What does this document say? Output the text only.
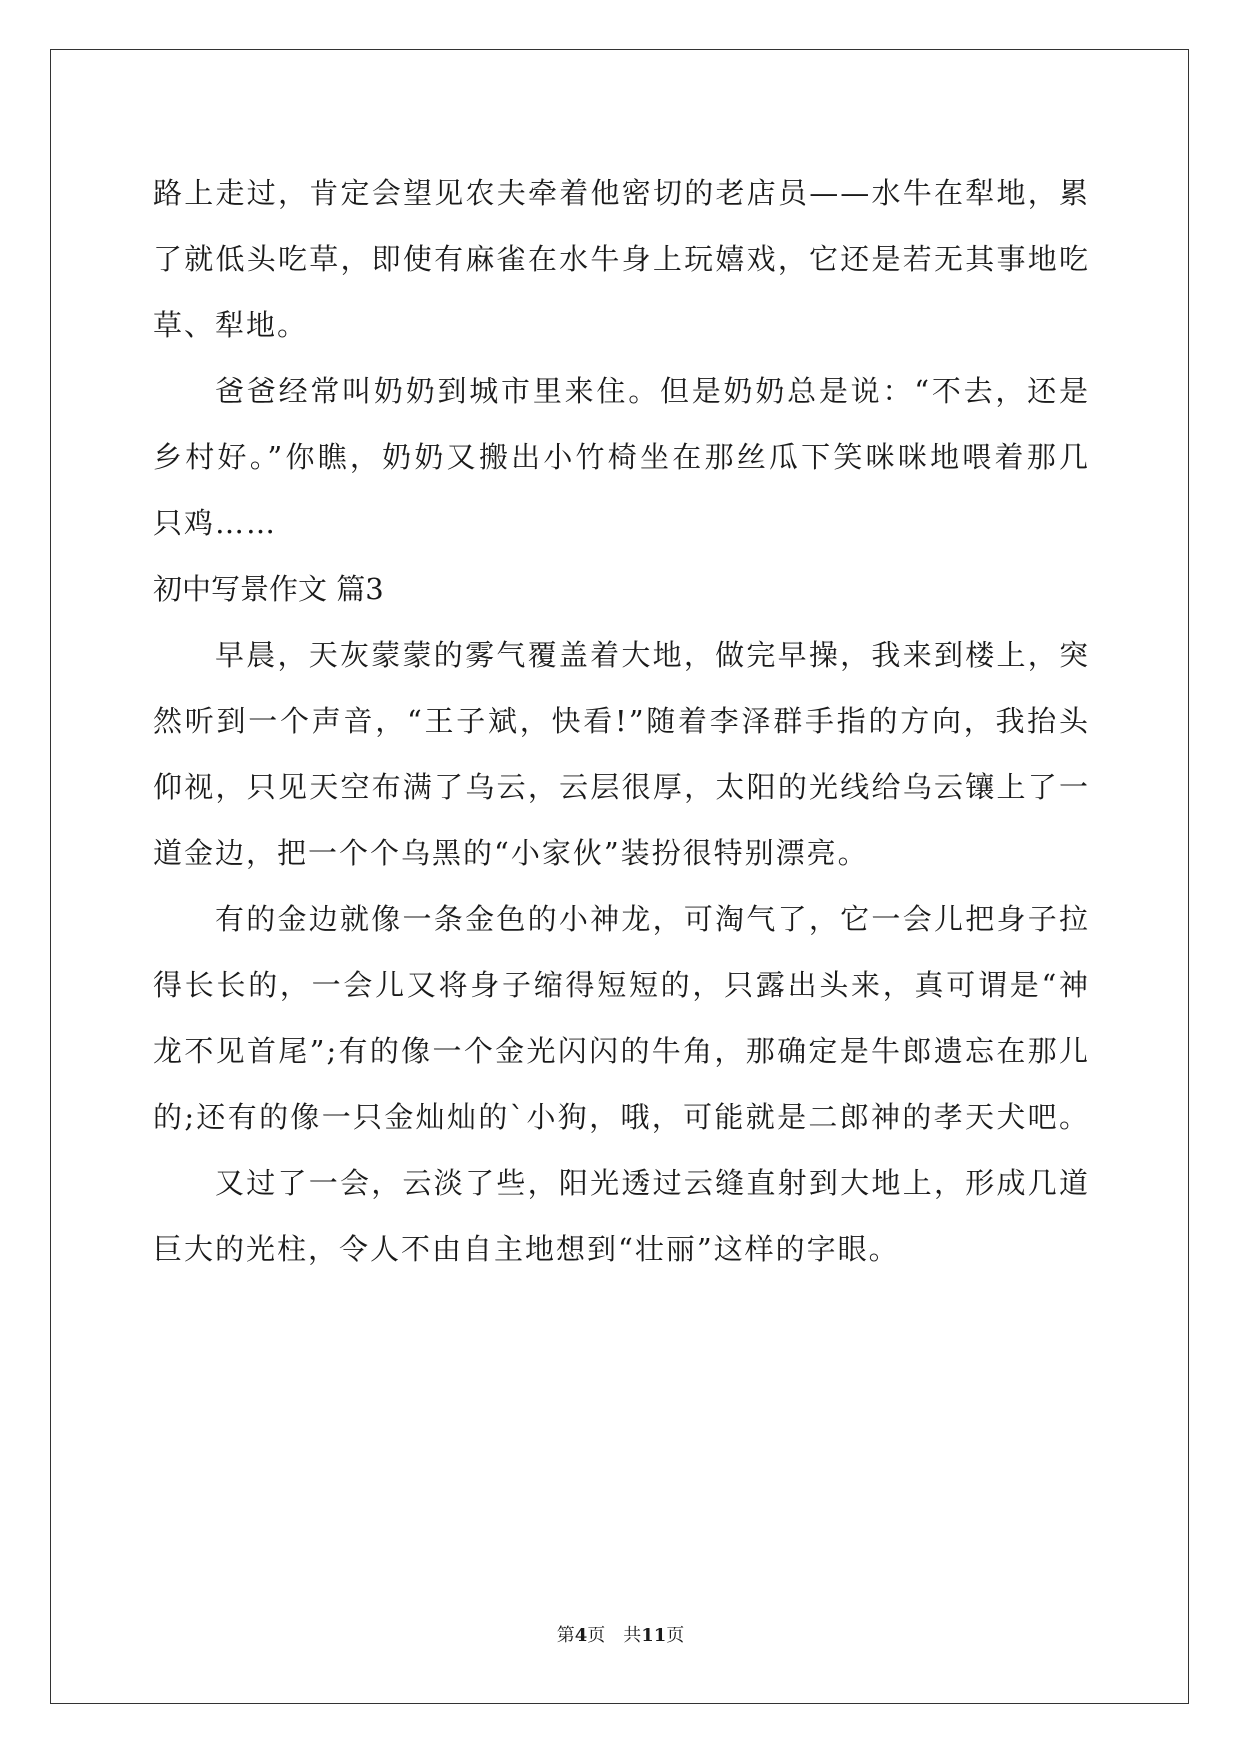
路上走过，肯定会望见农夫牵着他密切的老店员——水牛在犁地，累
了就低头吃草，即使有麻雀在水牛身上玩嬉戏，它还是若无其事地吃
草、犁地。
爸爸经常叫奶奶到城市里来住。但是奶奶总是说：“不去，还是
乡村好。”你瞧，奶奶又搬出小竹椅坐在那丝瓜下笑咪咪地喂着那几
只鸡……
初中写景作文 篇3
早晨，天灰蒙蒙的雾气覆盖着大地，做完早操，我来到楼上，突
然听到一个声音，“王子斌，快看!”随着李泽群手指的方向，我抬头
仰视，只见天空布满了乌云，云层很厚，太阳的光线给乌云镶上了一
道金边，把一个个乌黑的“小家伙”装扮很特别漂亮。
有的金边就像一条金色的小神龙，可淘气了，它一会儿把身子拉
得长长的，一会儿又将身子缩得短短的，只露出头来，真可谓是“神
龙不见首尾”;有的像一个金光闪闪的牛角，那确定是牛郎遗忘在那儿
的;还有的像一只金灿灿的`小狗，哦，可能就是二郎神的孝天犬吧。
又过了一会，云淡了些，阳光透过云缝直射到大地上，形成几道
巨大的光柱，令人不由自主地想到“壮丽”这样的字眼。
第4页 共11页
